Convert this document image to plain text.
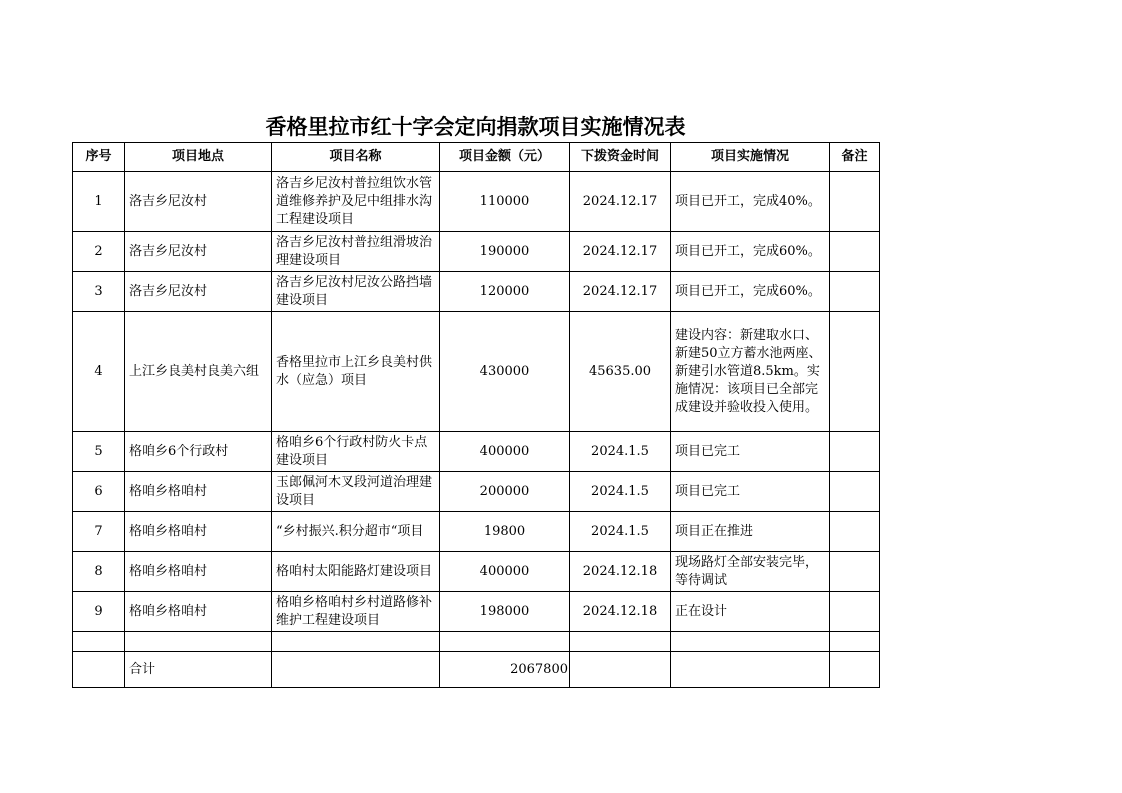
香格里拉市红十字会定向捐款项目实施情况表
序号	项目地点	项目名称	项目金额（元）	下拨资金时间	项目实施情况	备注
1	洛吉乡尼汝村	洛吉乡尼汝村普拉组饮水管道维修养护及尼中组排水沟工程建设项目	110000	2024.12.17	项目已开工，完成40%。	
2	洛吉乡尼汝村	洛吉乡尼汝村普拉组滑坡治理建设项目	190000	2024.12.17	项目已开工，完成60%。	
3	洛吉乡尼汝村	洛吉乡尼汝村尼汝公路挡墙建设项目	120000	2024.12.17	项目已开工，完成60%。	
4	上江乡良美村良美六组	香格里拉市上江乡良美村供水（应急）项目	430000	45635.00	建设内容：新建取水口、新建50立方蓄水池两座、新建引水管道8.5km。实施情况：该项目已全部完成建设并验收投入使用。	
5	格咱乡6个行政村	格咱乡6个行政村防火卡点建设项目	400000	2024.1.5	项目已完工	
6	格咱乡格咱村	玉郎佩河木叉段河道治理建设项目	200000	2024.1.5	项目已完工	
7	格咱乡格咱村	“乡村振兴.积分超市“项目	19800	2024.1.5	项目正在推进	
8	格咱乡格咱村	格咱村太阳能路灯建设项目	400000	2024.12.18	现场路灯全部安装完毕，等待调试	
9	格咱乡格咱村	格咱乡格咱村乡村道路修补维护工程建设项目	198000	2024.12.18	正在设计	

	合计		2067800			
